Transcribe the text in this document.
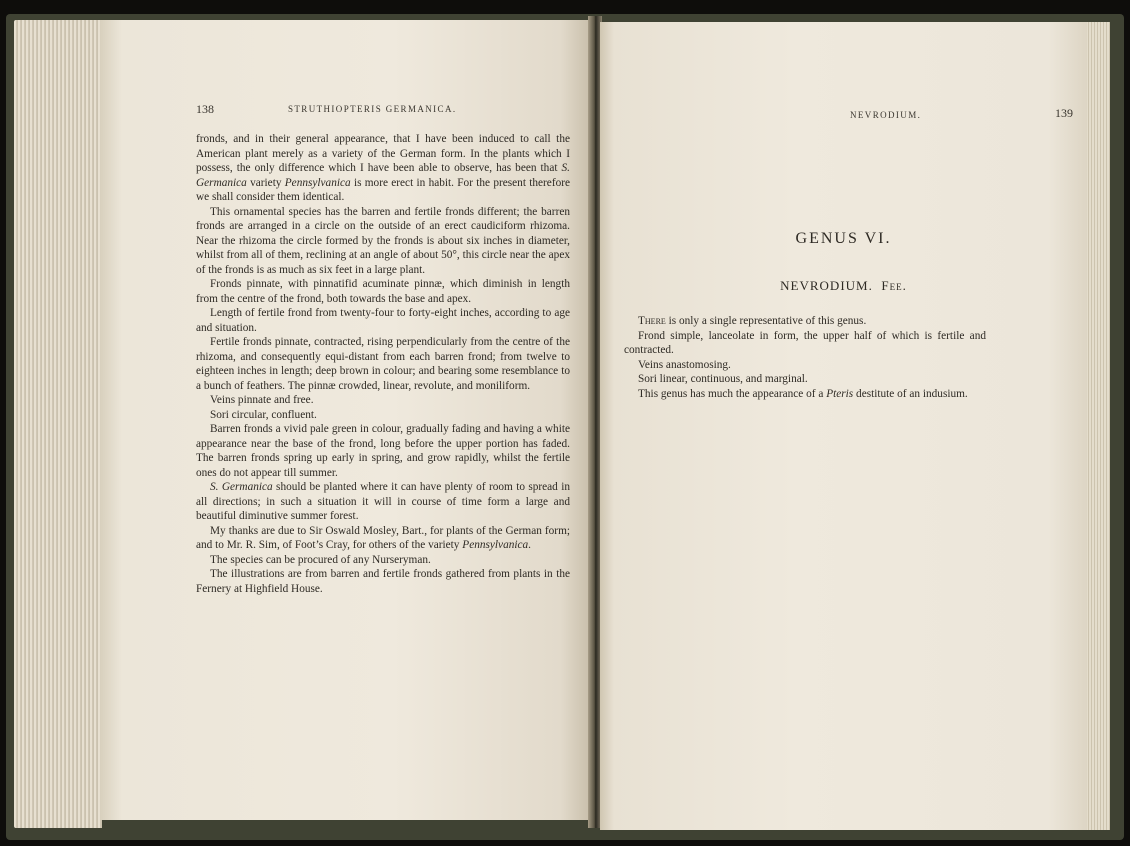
138	STRUTHIOPTERIS GERMANICA.

fronds, and in their general appearance, that I have been induced to call the American plant merely as a variety of the German form. In the plants which I possess, the only difference which I have been able to observe, has been that S. Germanica variety Pennsylvanica is more erect in habit. For the present therefore we shall consider them identical.

This ornamental species has the barren and fertile fronds different; the barren fronds are arranged in a circle on the outside of an erect caudiciform rhizoma. Near the rhizoma the circle formed by the fronds is about six inches in diameter, whilst from all of them, reclining at an angle of about 50°, this circle near the apex of the fronds is as much as six feet in a large plant.

Fronds pinnate, with pinnatifid acuminate pinnæ, which diminish in length from the centre of the frond, both towards the base and apex.

Length of fertile frond from twenty-four to forty-eight inches, according to age and situation.

Fertile fronds pinnate, contracted, rising perpendicularly from the centre of the rhizoma, and consequently equi-distant from each barren frond; from twelve to eighteen inches in length; deep brown in colour; and bearing some resemblance to a bunch of feathers. The pinnæ crowded, linear, revolute, and moniliform.

Veins pinnate and free.

Sori circular, confluent.

Barren fronds a vivid pale green in colour, gradually fading and having a white appearance near the base of the frond, long before the upper portion has faded. The barren fronds spring up early in spring, and grow rapidly, whilst the fertile ones do not appear till summer.

S. Germanica should be planted where it can have plenty of room to spread in all directions; in such a situation it will in course of time form a large and beautiful diminutive summer forest.

My thanks are due to Sir Oswald Mosley, Bart., for plants of the German form; and to Mr. R. Sim, of Foot’s Cray, for others of the variety Pennsylvanica.

The species can be procured of any Nurseryman.

The illustrations are from barren and fertile fronds gathered from plants in the Fernery at Highfield House.

NEVRODIUM.	139
GENUS VI.
NEVRODIUM. Fee.

There is only a single representative of this genus.

Frond simple, lanceolate in form, the upper half of which is fertile and contracted.

Veins anastomosing.

Sori linear, continuous, and marginal.

This genus has much the appearance of a Pteris destitute of an indusium.
